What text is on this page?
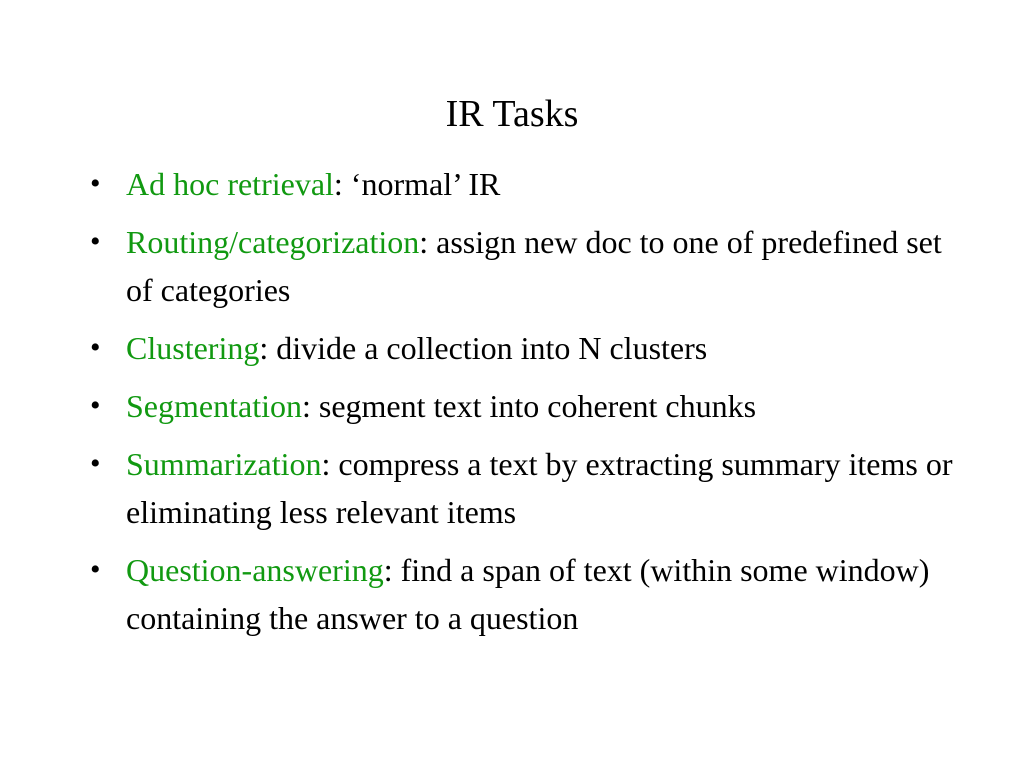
IR Tasks
• Ad hoc retrieval: ‘normal’ IR
• Routing/categorization: assign new doc to one of predefined set of categories
• Clustering: divide a collection into N clusters
• Segmentation: segment text into coherent chunks
• Summarization: compress a text by extracting summary items or eliminating less relevant items
• Question-answering: find a span of text (within some window) containing the answer to a question
